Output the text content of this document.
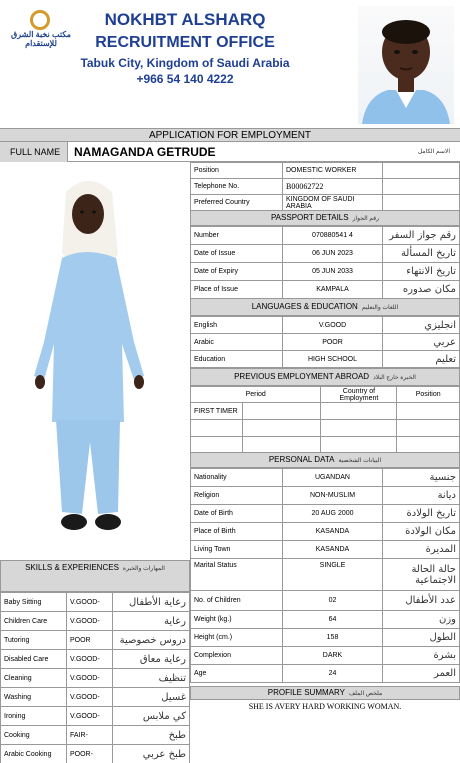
مكتب نخبة الشرق للإستقدام
NOKHBT ALSHARQ
RECRUITMENT OFFICE
Tabuk City, Kingdom of Saudi Arabia
+966 54 140 4222
APPLICATION FOR EMPLOYMENT
FULL NAME	NAMAGANDA GETRUDE	الاسم الكامل
Position	DOMESTIC WORKER	
Telephone No.	B00062722	
Preferred Country	KINGDOM OF SAUDI ARABIA	
PASSPORT DETAILS رقم الجواز
Number	070880541 4	رقم جواز السفر
Date of Issue	06 JUN 2023	تاريخ المسألة
Date of Expiry	05 JUN 2033	تاريخ الانتهاء
Place of Issue	KAMPALA	مكان صدوره
LANGUAGES & EDUCATION اللغات والتعليم
English	V.GOOD	انجليزي
Arabic	POOR	عربي
Education	HIGH SCHOOL	تعليم
PREVIOUS EMPLOYMENT ABROAD الخبرة خارج البلاد
Period		Country of Employment	Position
FIRST TIMER			

PERSONAL DATA البيانات الشخصية
Nationality	UGANDAN	جنسية
Religion	NON-MUSLIM	ديانة
Date of Birth	20 AUG 2000	تاريخ الولادة
Place of Birth	KASANDA	مكان الولادة
Living Town	KASANDA	المديرة
Marital Status	SINGLE	حالة الحالة الاجتماعية
No. of Children	02	عدد الأطفال
Weight (kg.)	64	وزن
Height (cm.)	158	الطول
Complexion	DARK	بشرة
Age	24	العمر
SKILLS & EXPERIENCES المهارات والخبرة
Baby Sitting	V.GOOD-	رعاية الأطفال
Children Care	V.GOOD-	رعاية
Tutoring	POOR	دروس خصوصية
Disabled Care	V.GOOD-	رعاية معاق
Cleaning	V.GOOD-	تنظيف
Washing	V.GOOD-	غسيل
Ironing	V.GOOD-	كي ملابس
Cooking	FAIR-	طبخ
Arabic Cooking	POOR-	طبخ عربي
PROFILE SUMMARY ملخص الملف
SHE IS AVERY HARD WORKING WOMAN.
